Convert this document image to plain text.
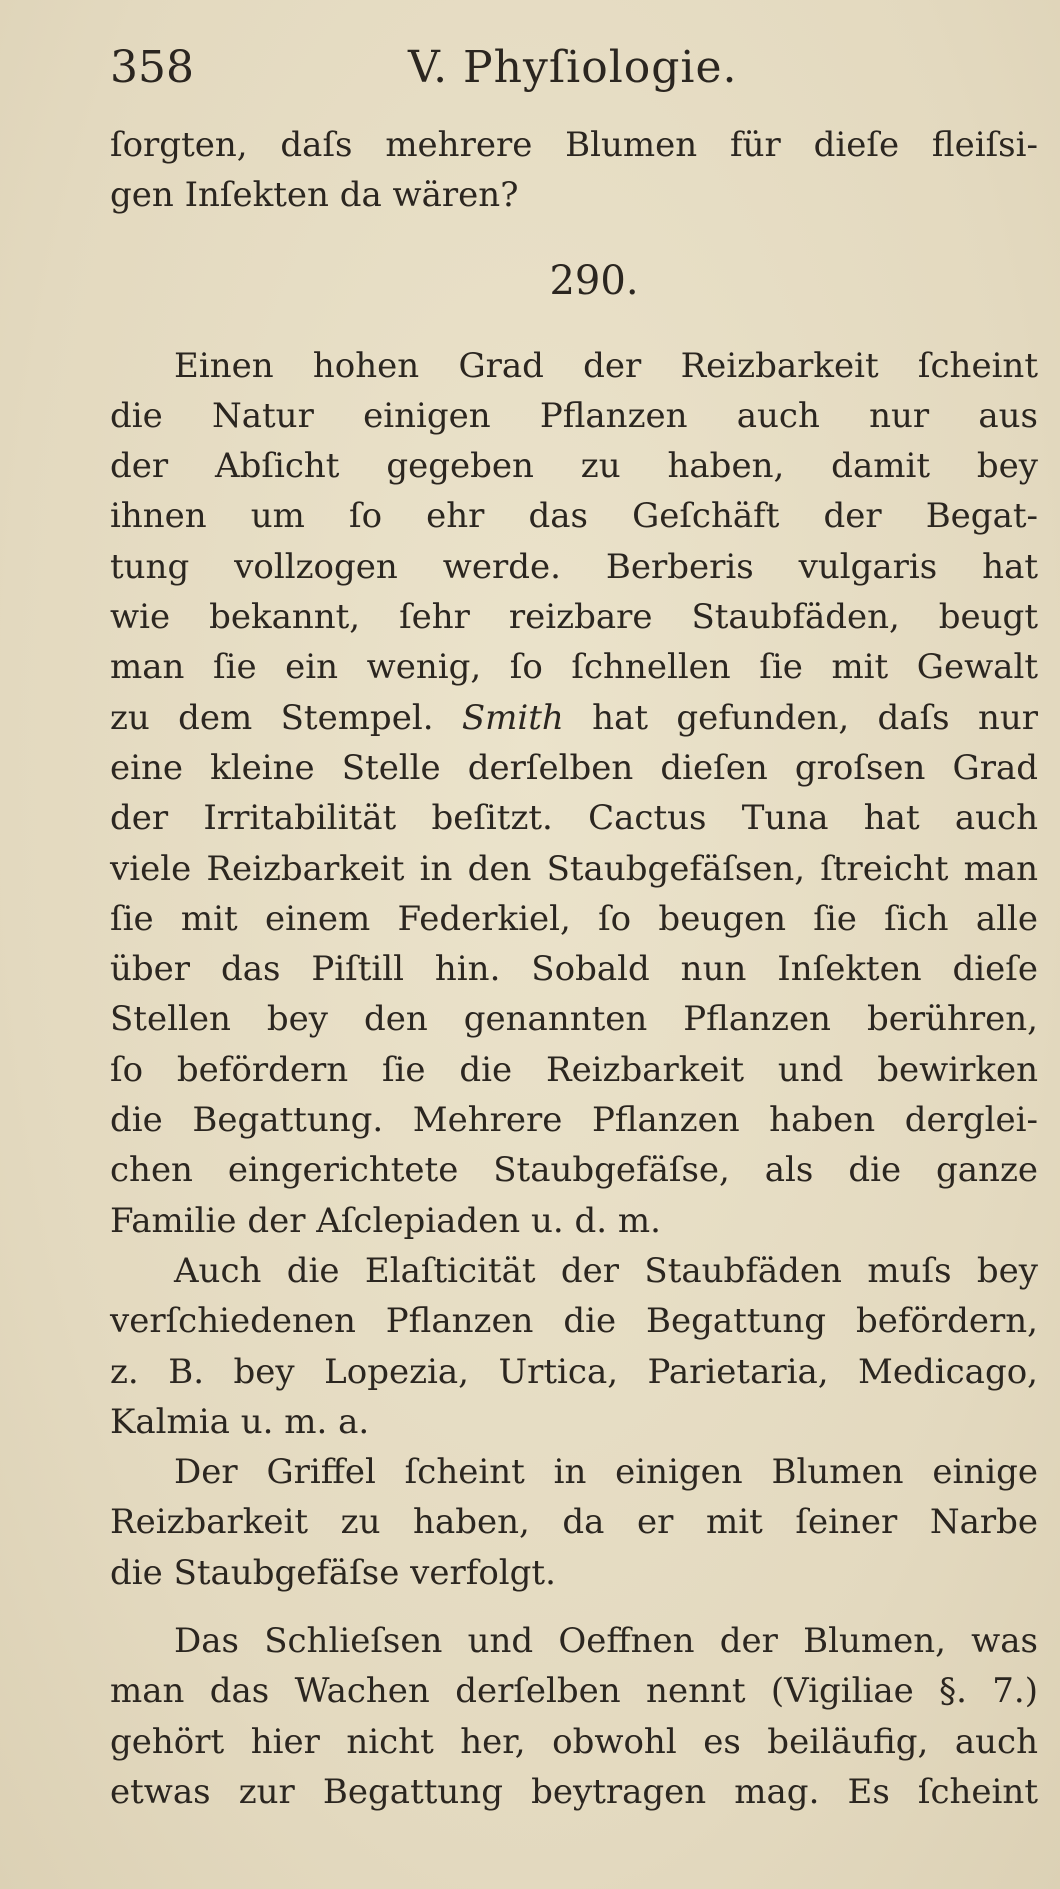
358	V. Phyſiologie.
ſorgten, daſs mehrere Blumen für dieſe fleiſsi-
gen Inſekten da wären?
290.
Einen hohen Grad der Reizbarkeit ſcheint
die Natur einigen Pflanzen auch nur aus
der Abſicht gegeben zu haben, damit bey
ihnen um ſo ehr das Geſchäft der Begat-
tung vollzogen werde. Berberis vulgaris hat
wie bekannt, ſehr reizbare Staubfäden, beugt
man ſie ein wenig, ſo ſchnellen ſie mit Gewalt
zu dem Stempel. Smith hat gefunden, daſs nur
eine kleine Stelle derſelben dieſen groſsen Grad
der Irritabilität beſitzt. Cactus Tuna hat auch
viele Reizbarkeit in den Staubgefäſsen, ſtreicht man
ſie mit einem Federkiel, ſo beugen ſie ſich alle
über das Piſtill hin. Sobald nun Inſekten dieſe
Stellen bey den genannten Pflanzen berühren,
ſo befördern ſie die Reizbarkeit und bewirken
die Begattung. Mehrere Pflanzen haben derglei-
chen eingerichtete Staubgefäſse, als die ganze
Familie der Aſclepiaden u. d. m.
Auch die Elaſticität der Staubfäden muſs bey
verſchiedenen Pflanzen die Begattung befördern,
z. B. bey Lopezia, Urtica, Parietaria, Medicago,
Kalmia u. m. a.
Der Griffel ſcheint in einigen Blumen einige
Reizbarkeit zu haben, da er mit ſeiner Narbe
die Staubgefäſse verfolgt.
Das Schlieſsen und Oeffnen der Blumen, was
man das Wachen derſelben nennt (Vigiliae §. 7.)
gehört hier nicht her, obwohl es beiläufig, auch
etwas zur Begattung beytragen mag. Es ſcheint
